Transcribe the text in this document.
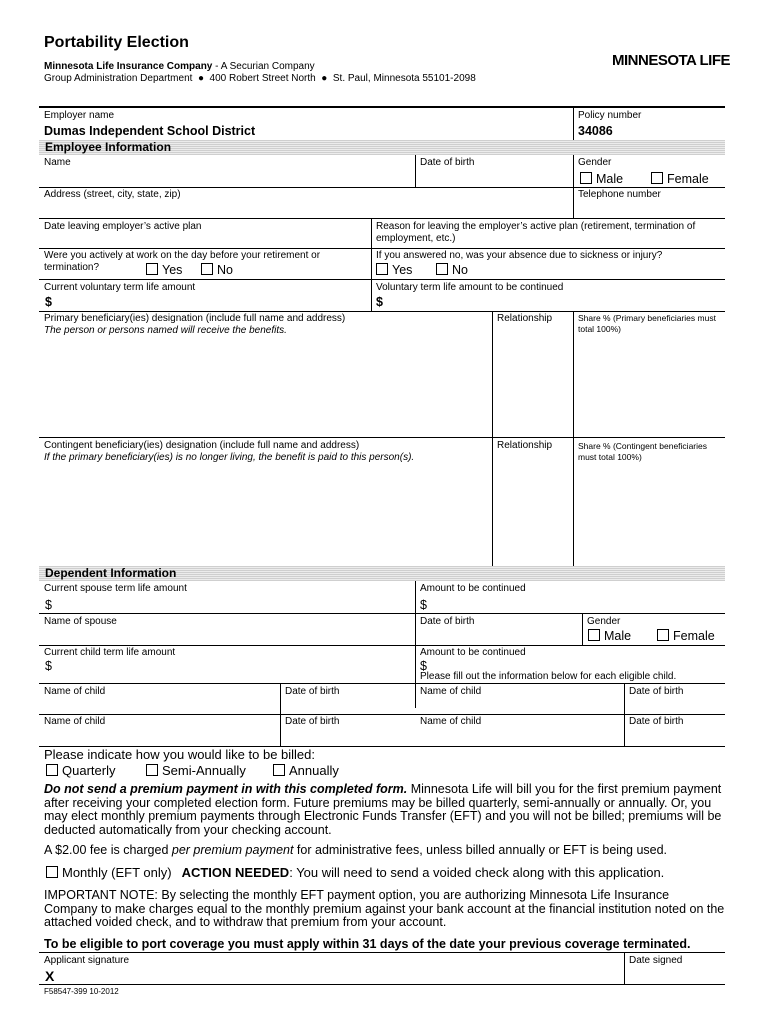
Portability Election
Minnesota Life Insurance Company - A Securian Company
Group Administration Department  ●  400 Robert Street North  ●  St. Paul, Minnesota 55101-2098
MINNESOTA LIFE
Employer name
Dumas Independent School District
Policy number
34086
Employee Information
Name	Date of birth	Gender
Male	Female
Address (street, city, state, zip)	Telephone number
Date leaving employer’s active plan	Reason for leaving the employer’s active plan (retirement, termination of employment, etc.)
Were you actively at work on the day before your retirement or termination?	Yes	No
If you answered no, was your absence due to sickness or injury?
Yes	No
Current voluntary term life amount
$
Voluntary term life amount to be continued
$
Primary beneficiary(ies) designation (include full name and address)
The person or persons named will receive the benefits.
Relationship	Share % (Primary beneficiaries must total 100%)
Contingent beneficiary(ies) designation (include full name and address)
If the primary beneficiary(ies) is no longer living, the benefit is paid to this person(s).
Relationship	Share % (Contingent beneficiaries must total 100%)
Dependent Information
Current spouse term life amount
$
Amount to be continued
$
Name of spouse	Date of birth	Gender
Male	Female
Current child term life amount
$
Amount to be continued
$
Please fill out the information below for each eligible child.
Name of child	Date of birth	Name of child	Date of birth
Name of child	Date of birth	Name of child	Date of birth
Please indicate how you would like to be billed:
Quarterly	Semi-Annually	Annually
Do not send a premium payment in with this completed form. Minnesota Life will bill you for the first premium payment after receiving your completed election form. Future premiums may be billed quarterly, semi-annually or annually. Or, you may elect monthly premium payments through Electronic Funds Transfer (EFT) and you will not be billed; premiums will be deducted automatically from your checking account.
A $2.00 fee is charged per premium payment for administrative fees, unless billed annually or EFT is being used.
Monthly (EFT only) ACTION NEEDED: You will need to send a voided check along with this application.
IMPORTANT NOTE: By selecting the monthly EFT payment option, you are authorizing Minnesota Life Insurance Company to make charges equal to the monthly premium against your bank account at the financial institution noted on the attached voided check, and to withdraw that premium from your account.
To be eligible to port coverage you must apply within 31 days of the date your previous coverage terminated.
Applicant signature
X
Date signed
F58547-399 10-2012
